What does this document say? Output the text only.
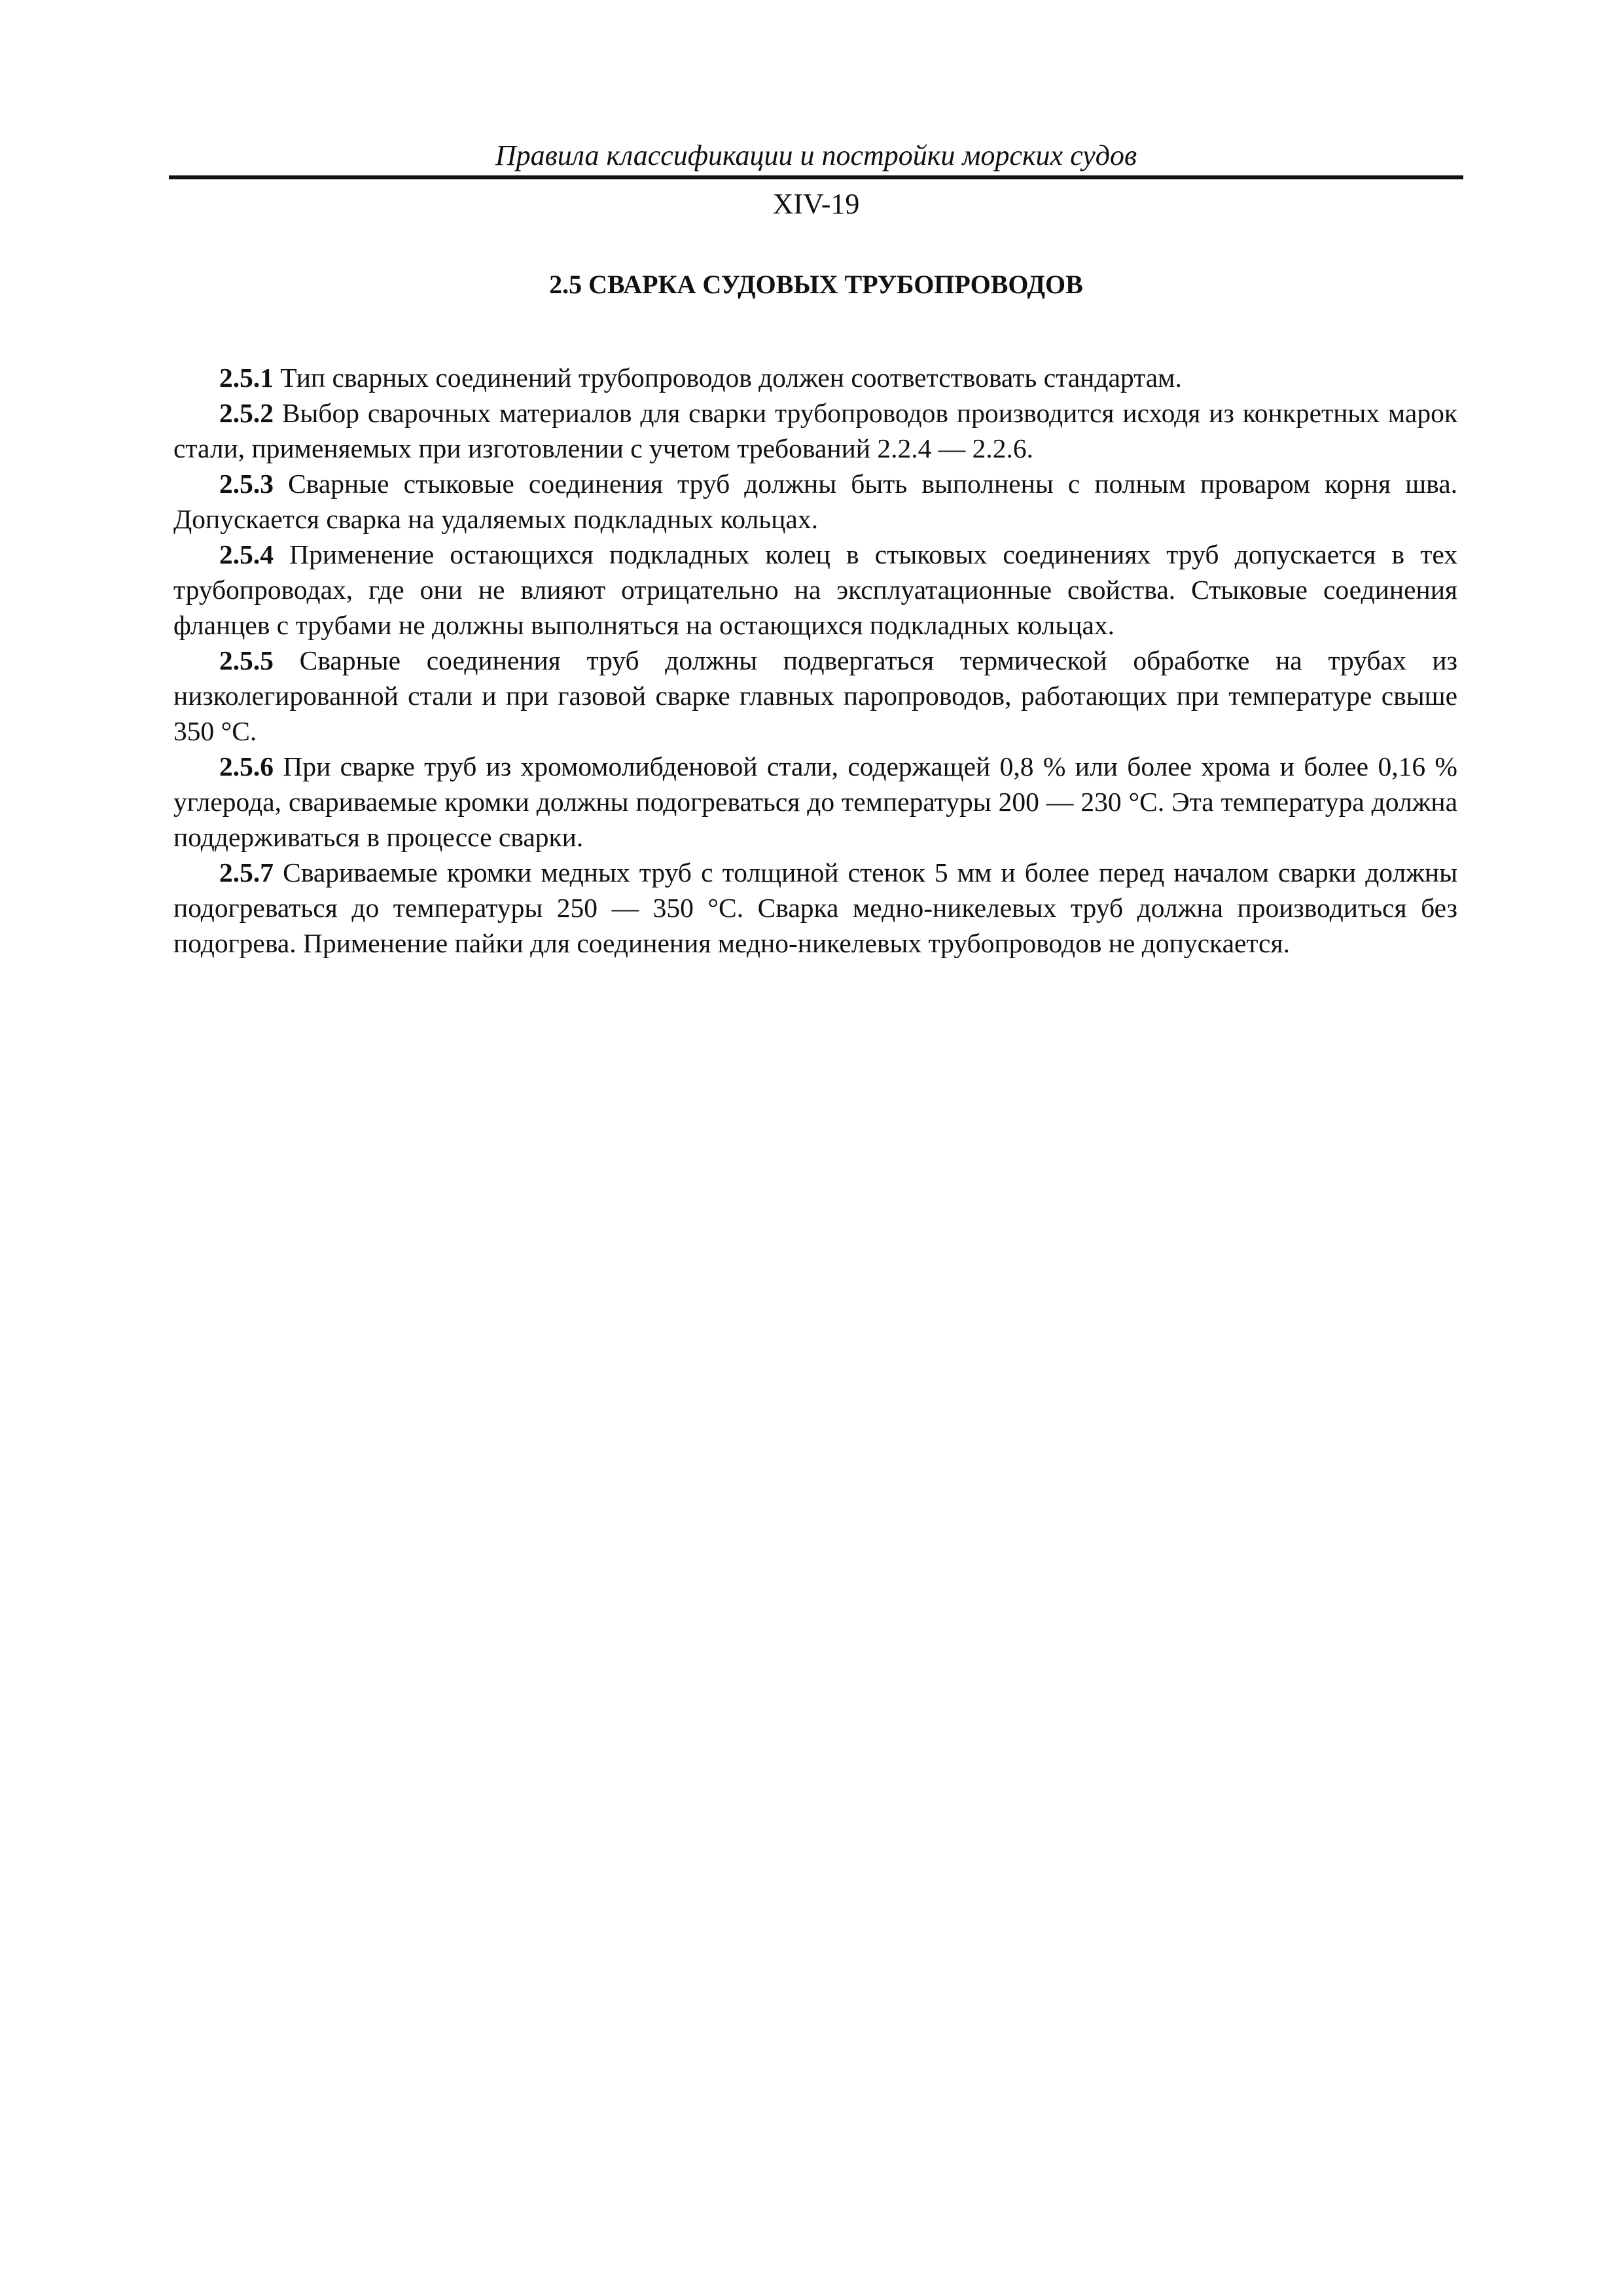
Правила классификации и постройки морских судов
XIV-19
2.5 СВАРКА СУДОВЫХ ТРУБОПРОВОДОВ

2.5.1 Тип сварных соединений трубопроводов должен соответствовать стандартам.

2.5.2 Выбор сварочных материалов для сварки трубопроводов производится исходя из конкретных марок стали, применяемых при изготовлении с учетом требований 2.2.4 — 2.2.6.

2.5.3 Сварные стыковые соединения труб должны быть выполнены с полным проваром корня шва. Допускается сварка на удаляемых подкладных кольцах.

2.5.4 Применение остающихся подкладных колец в стыковых соединениях труб допускается в тех трубопроводах, где они не влияют отрицательно на эксплуатационные свойства. Стыковые соединения фланцев с трубами не должны выполняться на остающихся подкладных кольцах.

2.5.5 Сварные соединения труб должны подвергаться термической обработке на трубах из низколегированной стали и при газовой сварке главных паропроводов, работающих при температуре свыше 350 °С.

2.5.6 При сварке труб из хромомолибденовой стали, содержащей 0,8 % или более хрома и более 0,16 % углерода, свариваемые кромки должны подогреваться до температуры 200 — 230 °С. Эта температура должна поддерживаться в процессе сварки.

2.5.7 Свариваемые кромки медных труб с толщиной стенок 5 мм и более перед началом сварки должны подогреваться до температуры 250 — 350 °С. Сварка медно-никелевых труб должна производиться без подогрева. Применение пайки для соединения медно-никелевых трубопроводов не допускается.
